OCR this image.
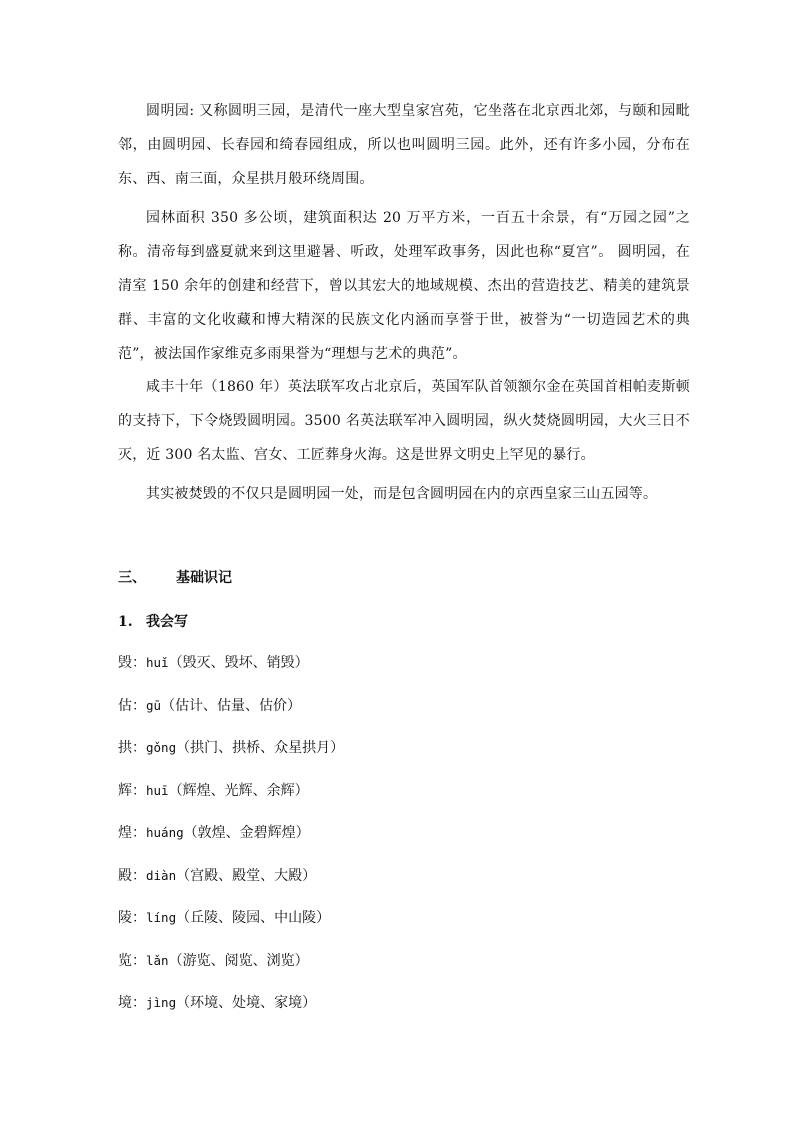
圆明园: 又称圆明三园，是清代一座大型皇家宫苑，它坐落在北京西北郊，与颐和园毗邻，由圆明园、长春园和绮春园组成，所以也叫圆明三园。此外，还有许多小园，分布在东、西、南三面，众星拱月般环绕周围。

园林面积 350 多公顷，建筑面积达 20 万平方米，一百五十余景，有“万园之园”之称。清帝每到盛夏就来到这里避暑、听政，处理军政事务，因此也称“夏宫”。 圆明园，在清室 150 余年的创建和经营下，曾以其宏大的地域规模、杰出的营造技艺、精美的建筑景群、丰富的文化收藏和博大精深的民族文化内涵而享誉于世，被誉为“一切造园艺术的典范”，被法国作家维克多雨果誉为“理想与艺术的典范”。

咸丰十年（1860 年）英法联军攻占北京后，英国军队首领额尔金在英国首相帕麦斯顿的支持下，下令烧毁圆明园。3500 名英法联军冲入圆明园，纵火焚烧圆明园，大火三日不灭，近 300 名太监、宫女、工匠葬身火海。这是世界文明史上罕见的暴行。

其实被焚毁的不仅只是圆明园一处，而是包含圆明园在内的京西皇家三山五园等。

三、	基础识记
1. 我会写
毁：huǐ（毁灭、毁坏、销毁）
估：gū（估计、估量、估价）
拱：gǒng（拱门、拱桥、众星拱月）
辉：huī（辉煌、光辉、余辉）
煌：huáng（敦煌、金碧辉煌）
殿：diàn（宫殿、殿堂、大殿）
陵：líng（丘陵、陵园、中山陵）
览：lǎn（游览、阅览、浏览）
境：jìng（环境、处境、家境）
